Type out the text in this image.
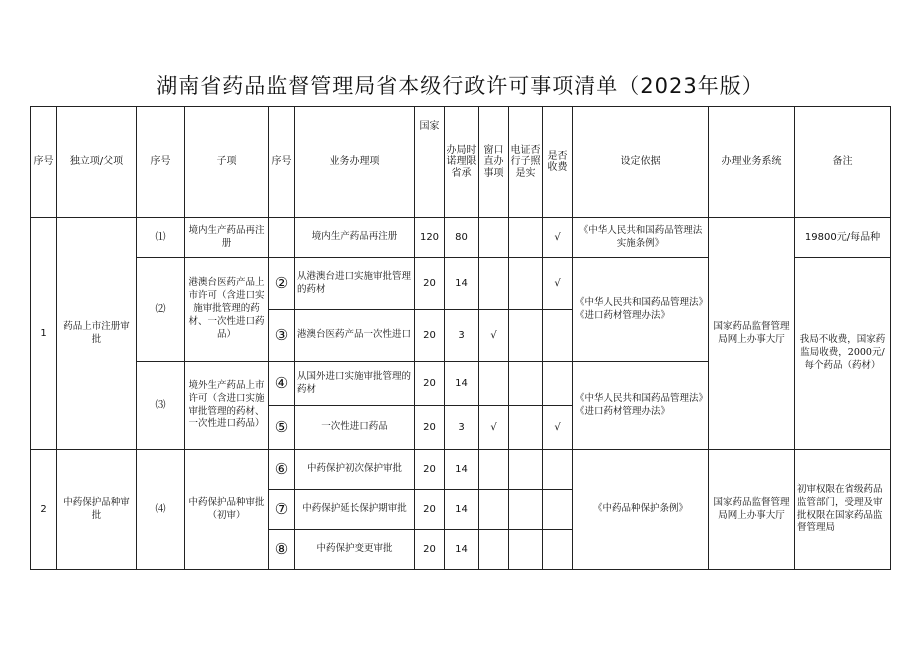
湖南省药品监督管理局省本级行政许可事项清单（2023年版）
序号	独立项/父项	序号	子项	序号	业务办理项	国家	办局时诺理限省承	窗口直办事项	电证否行子照是实	是否收费	设定依据	办理业务系统	备注
1	药品上市注册审批	⑴	境内生产药品再注册		境内生产药品再注册	120	80			√	《中华人民共和国药品管理法实施条例》	国家药品监督管理局网上办事大厅	19800元/每品种
		⑵	港澳台医药产品上市许可（含进口实施审批管理的药材、一次性进口药品）	②	从港澳台进口实施审批管理的药材	20	14			√	《中华人民共和国药品管理法》《进口药材管理办法》		我局不收费，国家药监局收费，2000元/每个药品（药材）
				③	港澳台医药产品一次性进口	20	3	√					
		⑶	境外生产药品上市许可（含进口实施审批管理的药材、一次性进口药品）	④	从国外进口实施审批管理的药材	20	14				《中华人民共和国药品管理法》《进口药材管理办法》		
				⑤	一次性进口药品	20	3	√		√			
2	中药保护品种审批	⑷	中药保护品种审批（初审）	⑥	中药保护初次保护审批	20	14				《中药品种保护条例》	国家药品监督管理局网上办事大厅	初审权限在省级药品监管部门，受理及审批权限在国家药品监督管理局
				⑦	中药保护延长保护期审批	20	14						
				⑧	中药保护变更审批	20	14						
